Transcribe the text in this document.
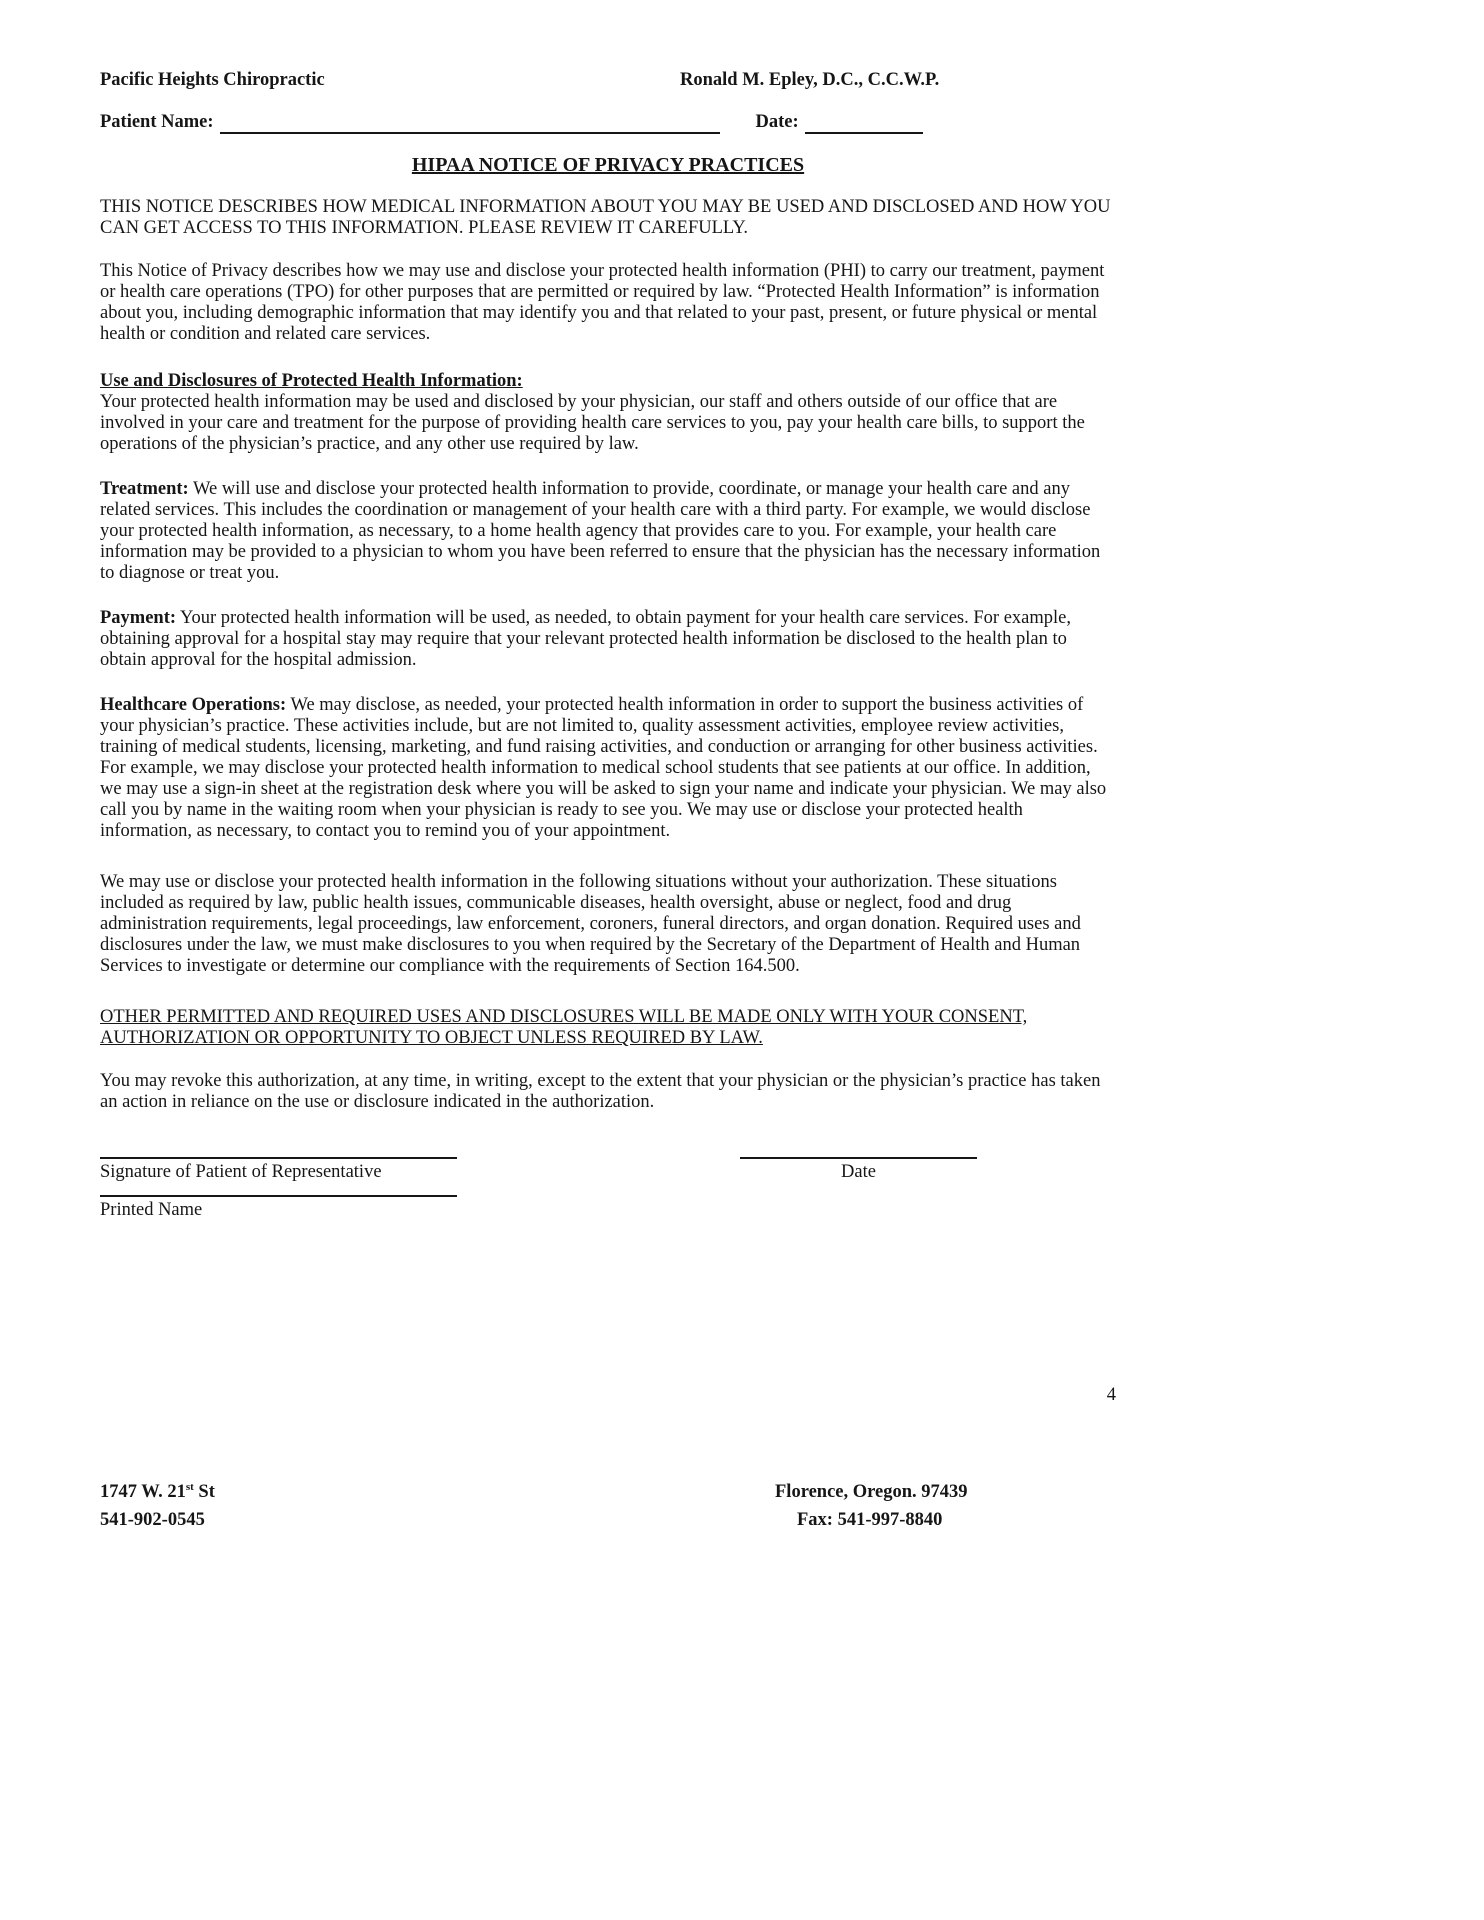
Pacific Heights Chiropractic	Ronald M. Epley, D.C., C.C.W.P.
Patient Name:	Date:
HIPAA NOTICE OF PRIVACY PRACTICES

THIS NOTICE DESCRIBES HOW MEDICAL INFORMATION ABOUT YOU MAY BE USED AND DISCLOSED AND HOW YOU CAN GET ACCESS TO THIS INFORMATION. PLEASE REVIEW IT CAREFULLY.

This Notice of Privacy describes how we may use and disclose your protected health information (PHI) to carry our treatment, payment or health care operations (TPO) for other purposes that are permitted or required by law. “Protected Health Information” is information about you, including demographic information that may identify you and that related to your past, present, or future physical or mental health or condition and related care services.

Use and Disclosures of Protected Health Information:

Your protected health information may be used and disclosed by your physician, our staff and others outside of our office that are involved in your care and treatment for the purpose of providing health care services to you, pay your health care bills, to support the operations of the physician’s practice, and any other use required by law.

Treatment: We will use and disclose your protected health information to provide, coordinate, or manage your health care and any related services. This includes the coordination or management of your health care with a third party. For example, we would disclose your protected health information, as necessary, to a home health agency that provides care to you. For example, your health care information may be provided to a physician to whom you have been referred to ensure that the physician has the necessary information to diagnose or treat you.

Payment: Your protected health information will be used, as needed, to obtain payment for your health care services. For example, obtaining approval for a hospital stay may require that your relevant protected health information be disclosed to the health plan to obtain approval for the hospital admission.

Healthcare Operations: We may disclose, as needed, your protected health information in order to support the business activities of your physician’s practice. These activities include, but are not limited to, quality assessment activities, employee review activities, training of medical students, licensing, marketing, and fund raising activities, and conduction or arranging for other business activities. For example, we may disclose your protected health information to medical school students that see patients at our office. In addition, we may use a sign-in sheet at the registration desk where you will be asked to sign your name and indicate your physician. We may also call you by name in the waiting room when your physician is ready to see you. We may use or disclose your protected health information, as necessary, to contact you to remind you of your appointment.

We may use or disclose your protected health information in the following situations without your authorization. These situations included as required by law, public health issues, communicable diseases, health oversight, abuse or neglect, food and drug administration requirements, legal proceedings, law enforcement, coroners, funeral directors, and organ donation. Required uses and disclosures under the law, we must make disclosures to you when required by the Secretary of the Department of Health and Human Services to investigate or determine our compliance with the requirements of Section 164.500.

OTHER PERMITTED AND REQUIRED USES AND DISCLOSURES WILL BE MADE ONLY WITH YOUR CONSENT, AUTHORIZATION OR OPPORTUNITY TO OBJECT UNLESS REQUIRED BY LAW.

You may revoke this authorization, at any time, in writing, except to the extent that your physician or the physician’s practice has taken an action in reliance on the use or disclosure indicated in the authorization.

Signature of Patient of Representative
Printed Name
Date
4
1747 W. 21st St
541-902-0545
Florence, Oregon. 97439
Fax: 541-997-8840
